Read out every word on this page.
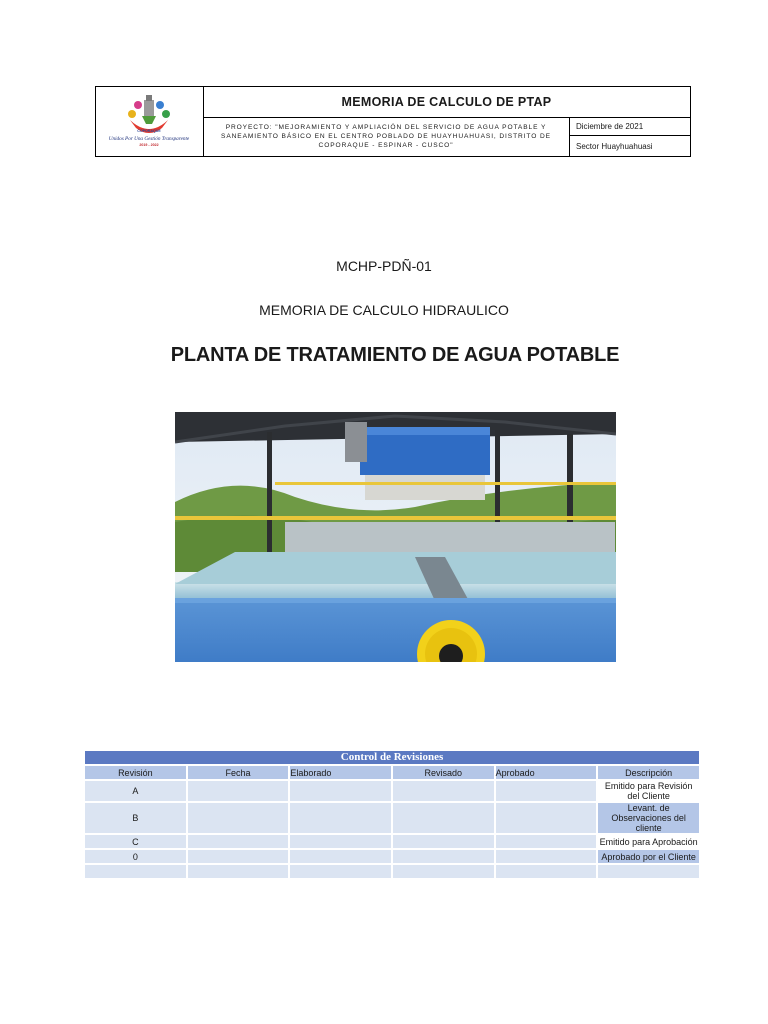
COPORAQUE
Unidos Por Una Gestión Transparente
2019 - 2022
MEMORIA DE CALCULO DE PTAP
PROYECTO: "MEJORAMIENTO Y AMPLIACIÓN DEL SERVICIO DE AGUA POTABLE Y SANEAMIENTO BÁSICO EN EL CENTRO POBLADO DE HUAYHUAHUASI, DISTRITO DE COPORAQUE - ESPINAR - CUSCO"
Diciembre de 2021
Sector Huayhuahuasi
MCHP-PDÑ-01
MEMORIA DE CALCULO HIDRAULICO
PLANTA DE TRATAMIENTO DE AGUA POTABLE
Control de Revisiones					
Revisión	Fecha	Elaborado	Revisado	Aprobado	Descripción
A					Emitido para Revisión del Cliente
B					Levant. de Observaciones del cliente
C					Emitido para Aprobación
0					Aprobado por el Cliente
